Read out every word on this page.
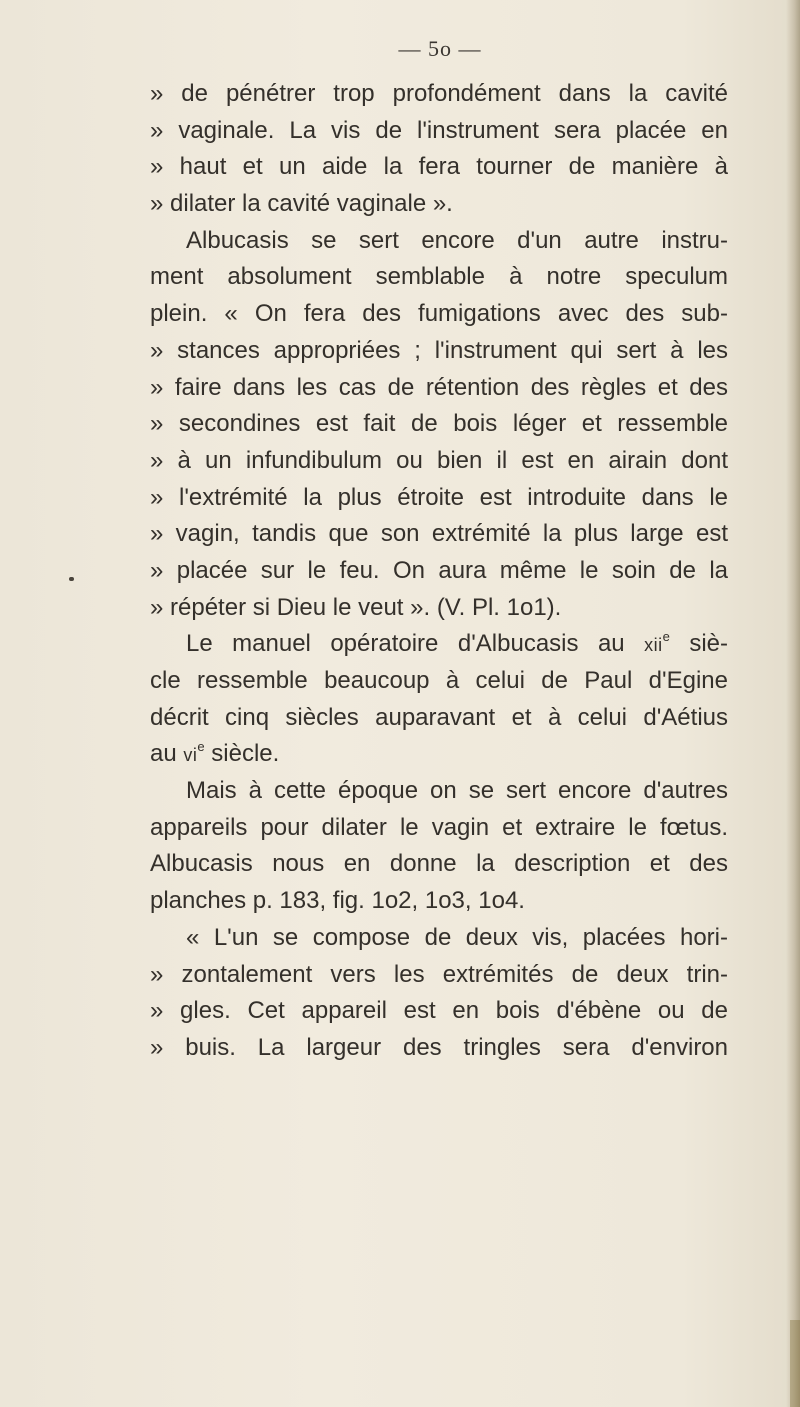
— 5o —
» de pénétrer trop profondément dans la cavité
» vaginale. La vis de l'instrument sera placée en
» haut et un aide la fera tourner de manière à
» dilater la cavité vaginale ».
Albucasis se sert encore d'un autre instru-
ment absolument semblable à notre speculum
plein. « On fera des fumigations avec des sub-
» stances appropriées ; l'instrument qui sert à les
» faire dans les cas de rétention des règles et des
» secondines est fait de bois léger et ressemble
» à un infundibulum ou bien il est en airain dont
» l'extrémité la plus étroite est introduite dans le
» vagin, tandis que son extrémité la plus large est
» placée sur le feu. On aura même le soin de la
» répéter si Dieu le veut ». (V. Pl. 1o1).
Le manuel opératoire d'Albucasis au xii$^e$ siè-
cle ressemble beaucoup à celui de Paul d'Egine
décrit cinq siècles auparavant et à celui d'Aétius
au $vi^e$ siècle.
Mais à cette époque on se sert encore d'autres
appareils pour dilater le vagin et extraire le fœtus.
Albucasis nous en donne la description et des
planches p. 183, fig. 1o2, 1o3, 1o4.
« L'un se compose de deux vis, placées hori-
» zontalement vers les extrémités de deux trin-
» gles. Cet appareil est en bois d'ébène ou de
» buis. La largeur des tringles sera d'environ
